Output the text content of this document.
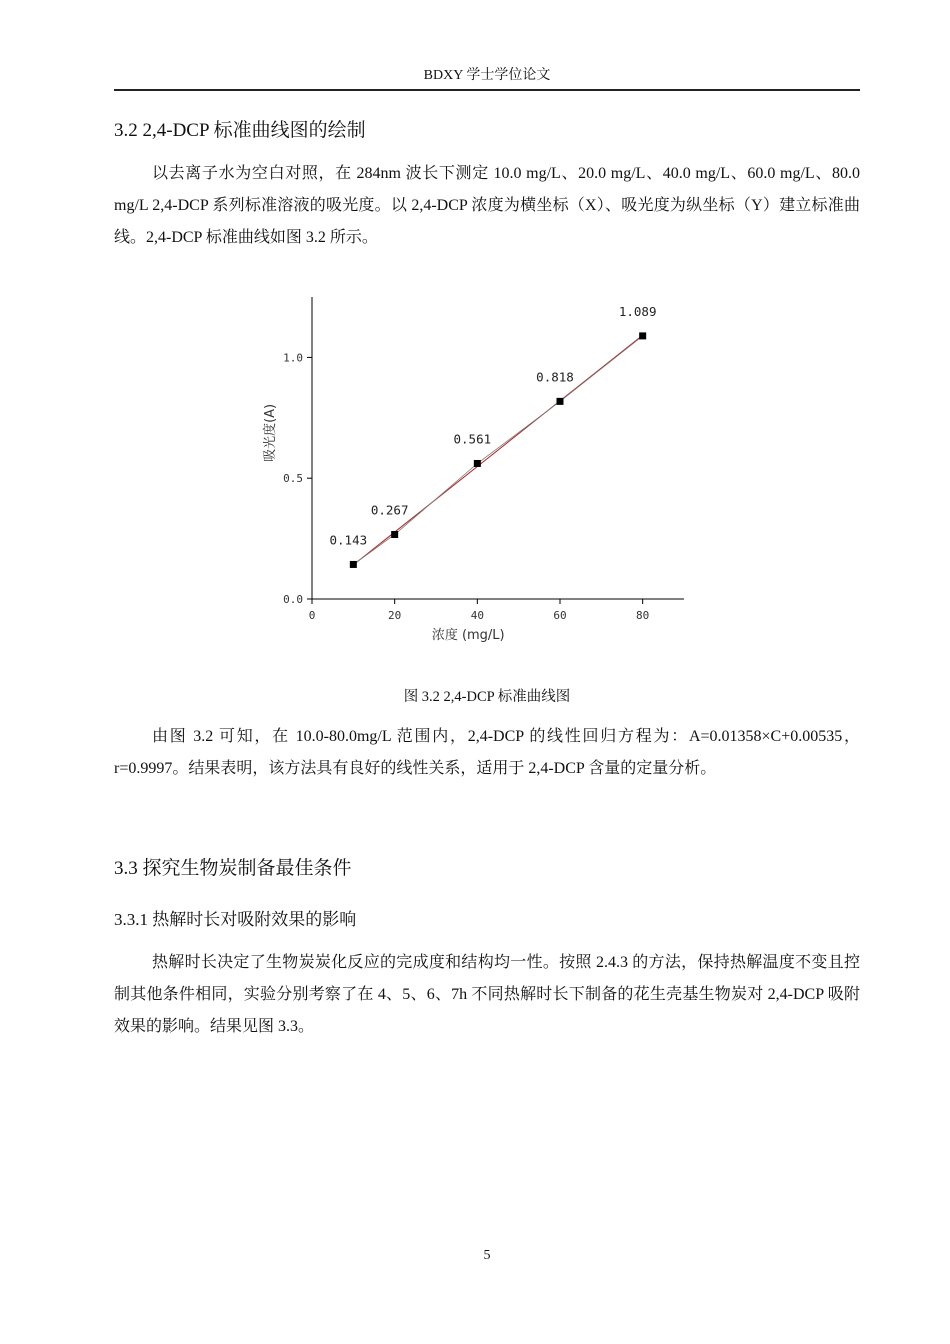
BDXY 学士学位论文
3.2 2,4-DCP 标准曲线图的绘制
以去离子水为空白对照，在 284nm 波长下测定 10.0 mg/L、20.0 mg/L、40.0 mg/L、60.0 mg/L、80.0 mg/L 2,4-DCP 系列标准溶液的吸光度。以 2,4-DCP 浓度为横坐标（X）、吸光度为纵坐标（Y）建立标准曲线。2,4-DCP 标准曲线如图 3.2 所示。
0	20	40	60	80
0.0
0.5
1.0
浓度 (mg/L)
吸光度(A)
0.143
0.267
0.561
0.818
1.089
图 3.2 2,4-DCP 标准曲线图
由图 3.2 可知，在 10.0-80.0mg/L 范围内，2,4-DCP 的线性回归方程为：A=0.01358×C+0.00535，r=0.9997。结果表明，该方法具有良好的线性关系，适用于 2,4-DCP 含量的定量分析。
3.3 探究生物炭制备最佳条件
3.3.1 热解时长对吸附效果的影响
热解时长决定了生物炭炭化反应的完成度和结构均一性。按照 2.4.3 的方法，保持热解温度不变且控制其他条件相同，实验分别考察了在 4、5、6、7h 不同热解时长下制备的花生壳基生物炭对 2,4-DCP 吸附效果的影响。结果见图 3.3。
5
